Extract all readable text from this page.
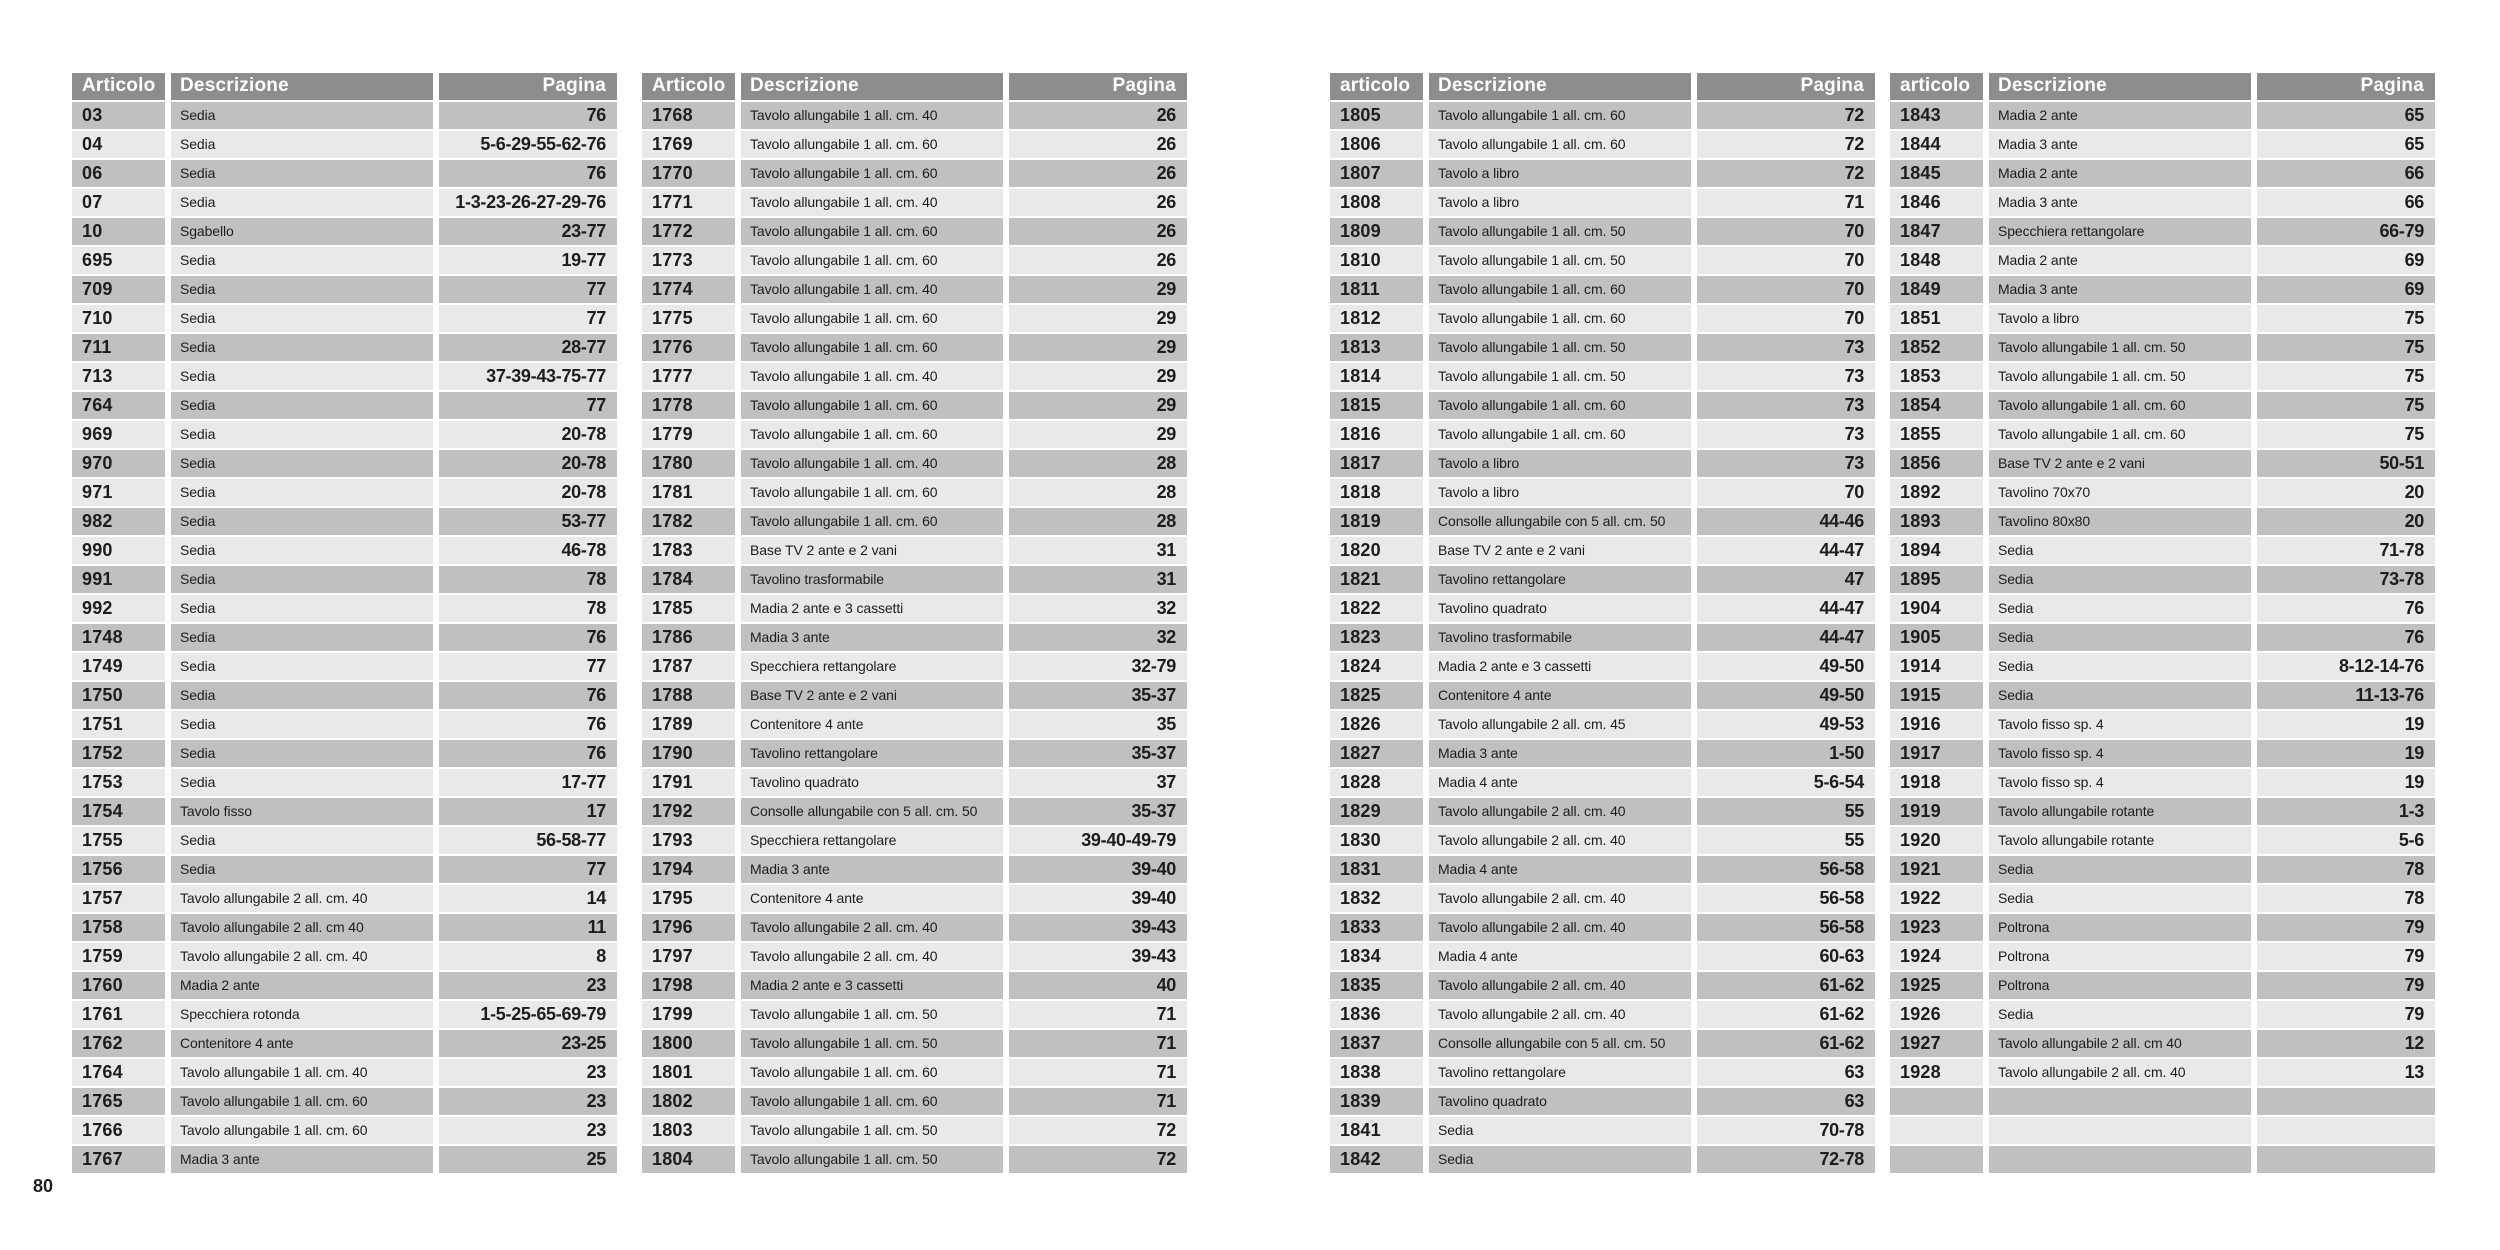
Articolo	Descrizione	Pagina
03	Sedia	76
04	Sedia	5-6-29-55-62-76
06	Sedia	76
07	Sedia	1-3-23-26-27-29-76
10	Sgabello	23-77
695	Sedia	19-77
709	Sedia	77
710	Sedia	77
711	Sedia	28-77
713	Sedia	37-39-43-75-77
764	Sedia	77
969	Sedia	20-78
970	Sedia	20-78
971	Sedia	20-78
982	Sedia	53-77
990	Sedia	46-78
991	Sedia	78
992	Sedia	78
1748	Sedia	76
1749	Sedia	77
1750	Sedia	76
1751	Sedia	76
1752	Sedia	76
1753	Sedia	17-77
1754	Tavolo fisso	17
1755	Sedia	56-58-77
1756	Sedia	77
1757	Tavolo allungabile 2 all. cm. 40	14
1758	Tavolo allungabile 2 all. cm 40	11
1759	Tavolo allungabile 2 all. cm. 40	8
1760	Madia 2 ante	23
1761	Specchiera rotonda	1-5-25-65-69-79
1762	Contenitore 4 ante	23-25
1764	Tavolo allungabile 1 all. cm. 40	23
1765	Tavolo allungabile 1 all. cm. 60	23
1766	Tavolo allungabile 1 all. cm. 60	23
1767	Madia 3 ante	25
Articolo	Descrizione	Pagina
1768	Tavolo allungabile 1 all. cm. 40	26
1769	Tavolo allungabile 1 all. cm. 60	26
1770	Tavolo allungabile 1 all. cm. 60	26
1771	Tavolo allungabile 1 all. cm. 40	26
1772	Tavolo allungabile 1 all. cm. 60	26
1773	Tavolo allungabile 1 all. cm. 60	26
1774	Tavolo allungabile 1 all. cm. 40	29
1775	Tavolo allungabile 1 all. cm. 60	29
1776	Tavolo allungabile 1 all. cm. 60	29
1777	Tavolo allungabile 1 all. cm. 40	29
1778	Tavolo allungabile 1 all. cm. 60	29
1779	Tavolo allungabile 1 all. cm. 60	29
1780	Tavolo allungabile 1 all. cm. 40	28
1781	Tavolo allungabile 1 all. cm. 60	28
1782	Tavolo allungabile 1 all. cm. 60	28
1783	Base TV 2 ante e 2 vani	31
1784	Tavolino trasformabile	31
1785	Madia 2 ante e 3 cassetti	32
1786	Madia 3 ante	32
1787	Specchiera rettangolare	32-79
1788	Base TV 2 ante e 2 vani	35-37
1789	Contenitore 4 ante	35
1790	Tavolino rettangolare	35-37
1791	Tavolino quadrato	37
1792	Consolle allungabile con 5 all. cm. 50	35-37
1793	Specchiera rettangolare	39-40-49-79
1794	Madia 3 ante	39-40
1795	Contenitore 4 ante	39-40
1796	Tavolo allungabile 2 all. cm. 40	39-43
1797	Tavolo allungabile 2 all. cm. 40	39-43
1798	Madia 2 ante e 3 cassetti	40
1799	Tavolo allungabile 1 all. cm. 50	71
1800	Tavolo allungabile 1 all. cm. 50	71
1801	Tavolo allungabile 1 all. cm. 60	71
1802	Tavolo allungabile 1 all. cm. 60	71
1803	Tavolo allungabile 1 all. cm. 50	72
1804	Tavolo allungabile 1 all. cm. 50	72
articolo	Descrizione	Pagina
1805	Tavolo allungabile 1 all. cm. 60	72
1806	Tavolo allungabile 1 all. cm. 60	72
1807	Tavolo a libro	72
1808	Tavolo a libro	71
1809	Tavolo allungabile 1 all. cm. 50	70
1810	Tavolo allungabile 1 all. cm. 50	70
1811	Tavolo allungabile 1 all. cm. 60	70
1812	Tavolo allungabile 1 all. cm. 60	70
1813	Tavolo allungabile 1 all. cm. 50	73
1814	Tavolo allungabile 1 all. cm. 50	73
1815	Tavolo allungabile 1 all. cm. 60	73
1816	Tavolo allungabile 1 all. cm. 60	73
1817	Tavolo a libro	73
1818	Tavolo a libro	70
1819	Consolle allungabile con 5 all. cm. 50	44-46
1820	Base TV 2 ante e 2 vani	44-47
1821	Tavolino rettangolare	47
1822	Tavolino quadrato	44-47
1823	Tavolino trasformabile	44-47
1824	Madia 2 ante e 3 cassetti	49-50
1825	Contenitore 4 ante	49-50
1826	Tavolo allungabile 2 all. cm. 45	49-53
1827	Madia 3 ante	1-50
1828	Madia 4 ante	5-6-54
1829	Tavolo allungabile 2 all. cm. 40	55
1830	Tavolo allungabile 2 all. cm. 40	55
1831	Madia 4 ante	56-58
1832	Tavolo allungabile 2 all. cm. 40	56-58
1833	Tavolo allungabile 2 all. cm. 40	56-58
1834	Madia 4 ante	60-63
1835	Tavolo allungabile 2 all. cm. 40	61-62
1836	Tavolo allungabile 2 all. cm. 40	61-62
1837	Consolle allungabile con 5 all. cm. 50	61-62
1838	Tavolino rettangolare	63
1839	Tavolino quadrato	63
1841	Sedia	70-78
1842	Sedia	72-78
articolo	Descrizione	Pagina
1843	Madia 2 ante	65
1844	Madia 3 ante	65
1845	Madia 2 ante	66
1846	Madia 3 ante	66
1847	Specchiera rettangolare	66-79
1848	Madia 2 ante	69
1849	Madia 3 ante	69
1851	Tavolo a libro	75
1852	Tavolo allungabile 1 all. cm. 50	75
1853	Tavolo allungabile 1 all. cm. 50	75
1854	Tavolo allungabile 1 all. cm. 60	75
1855	Tavolo allungabile 1 all. cm. 60	75
1856	Base TV 2 ante e 2 vani	50-51
1892	Tavolino 70x70	20
1893	Tavolino 80x80	20
1894	Sedia	71-78
1895	Sedia	73-78
1904	Sedia	76
1905	Sedia	76
1914	Sedia	8-12-14-76
1915	Sedia	11-13-76
1916	Tavolo fisso sp. 4	19
1917	Tavolo fisso sp. 4	19
1918	Tavolo fisso sp. 4	19
1919	Tavolo allungabile rotante	1-3
1920	Tavolo allungabile rotante	5-6
1921	Sedia	78
1922	Sedia	78
1923	Poltrona	79
1924	Poltrona	79
1925	Poltrona	79
1926	Sedia	79
1927	Tavolo allungabile 2 all. cm 40	12
1928	Tavolo allungabile 2 all. cm. 40	13
80
